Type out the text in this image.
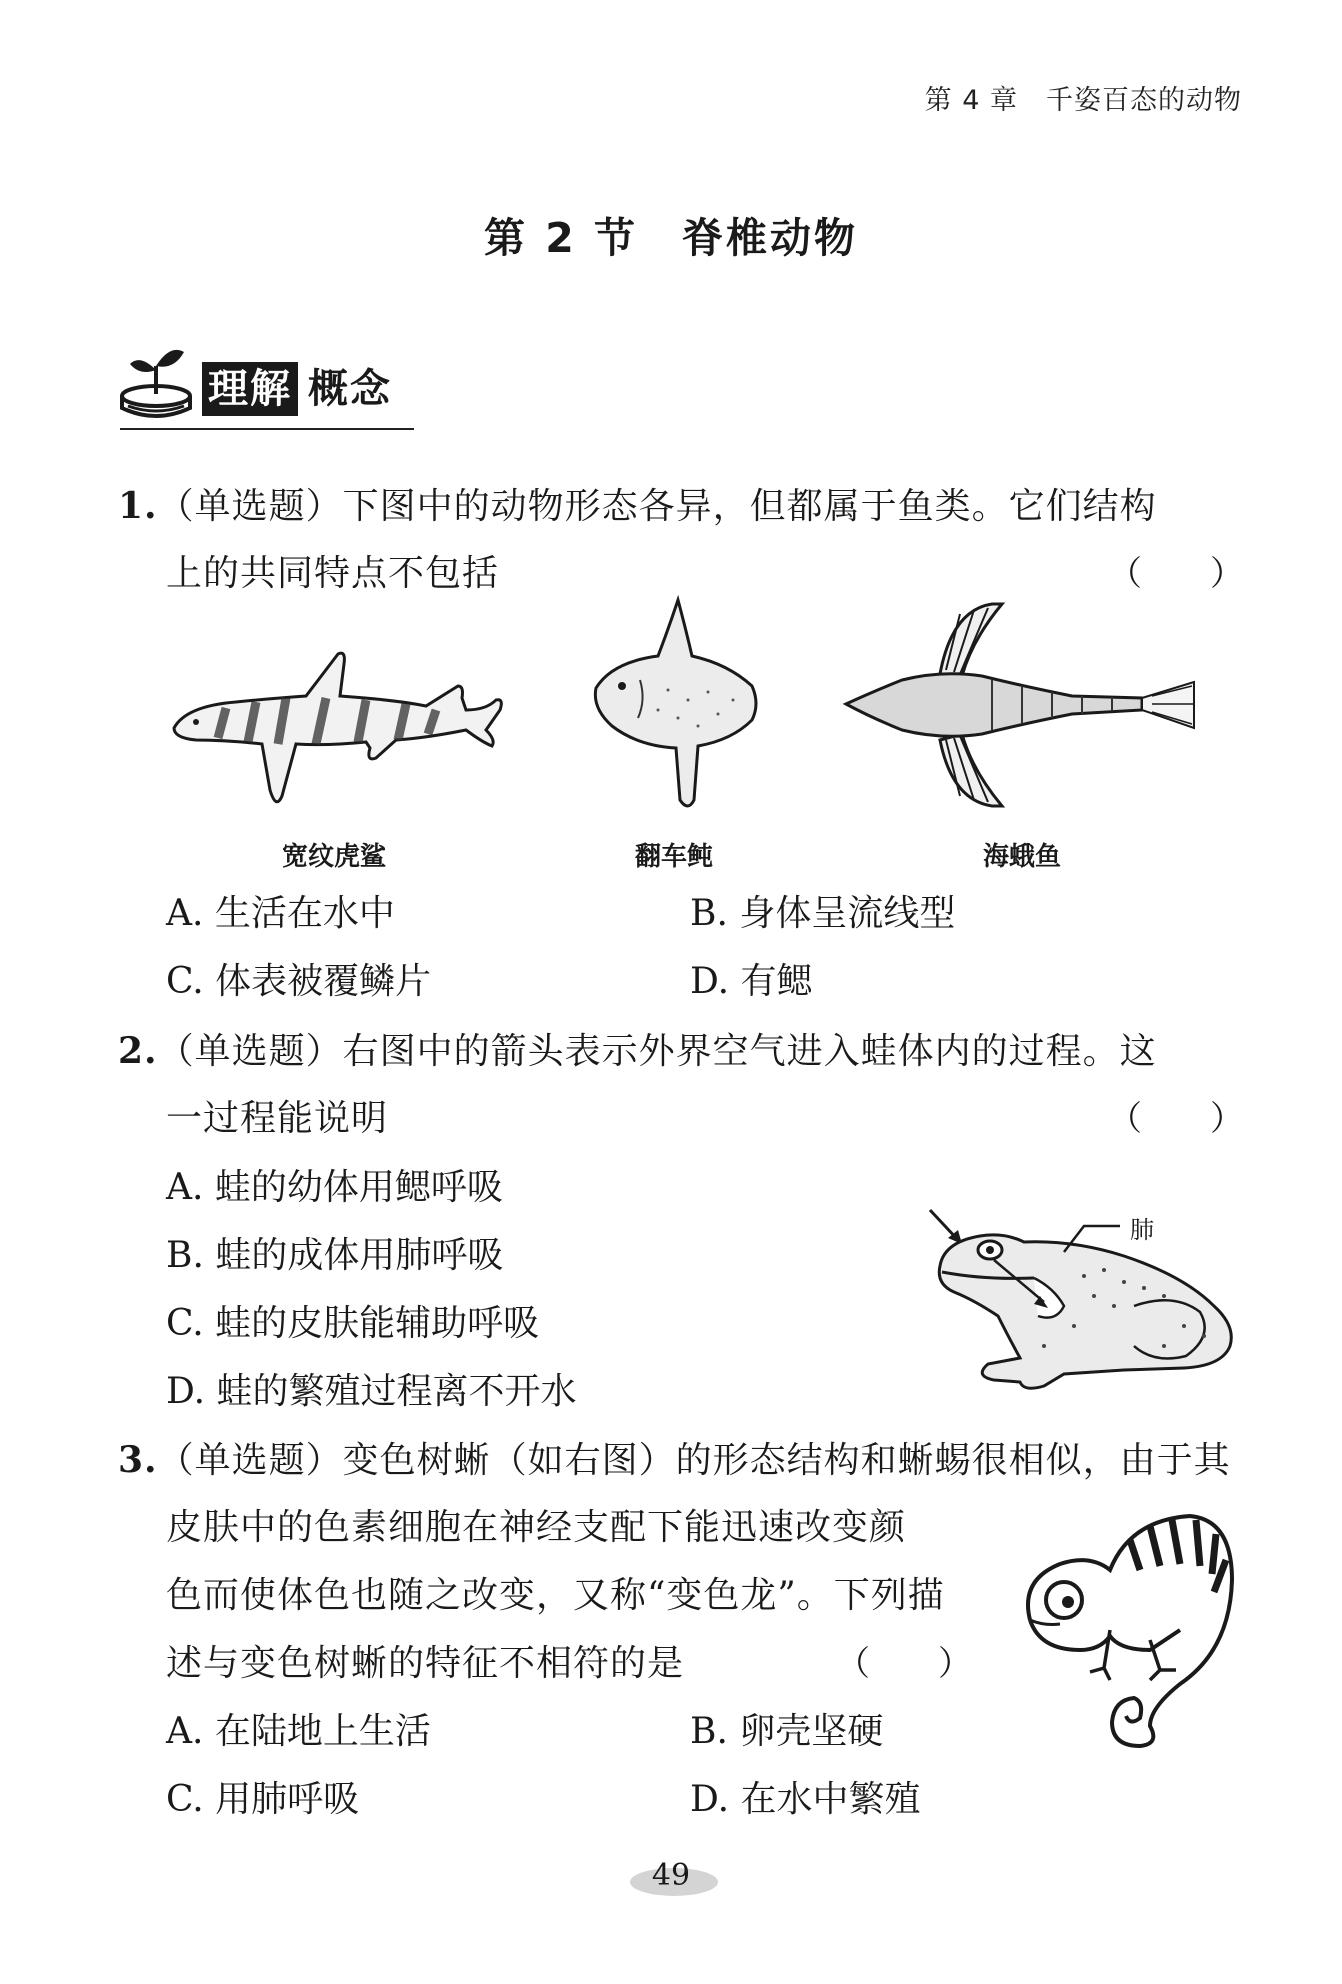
第 4 章　千姿百态的动物
第 2 节　脊椎动物
理解 概念
1.（单选题）下图中的动物形态各异，但都属于鱼类。它们结构
上的共同特点不包括	（　　）
宽纹虎鲨	翻车鲀	海蛾鱼
A. 生活在水中	B. 身体呈流线型
C. 体表被覆鳞片	D. 有鳃
2.（单选题）右图中的箭头表示外界空气进入蛙体内的过程。这
一过程能说明	（　　）
A. 蛙的幼体用鳃呼吸
B. 蛙的成体用肺呼吸
C. 蛙的皮肤能辅助呼吸
D. 蛙的繁殖过程离不开水
肺
3.（单选题）变色树蜥（如右图）的形态结构和蜥蜴很相似，由于其
皮肤中的色素细胞在神经支配下能迅速改变颜
色而使体色也随之改变，又称“变色龙”。下列描
述与变色树蜥的特征不相符的是	（　　）
A. 在陆地上生活	B. 卵壳坚硬
C. 用肺呼吸	D. 在水中繁殖
49
